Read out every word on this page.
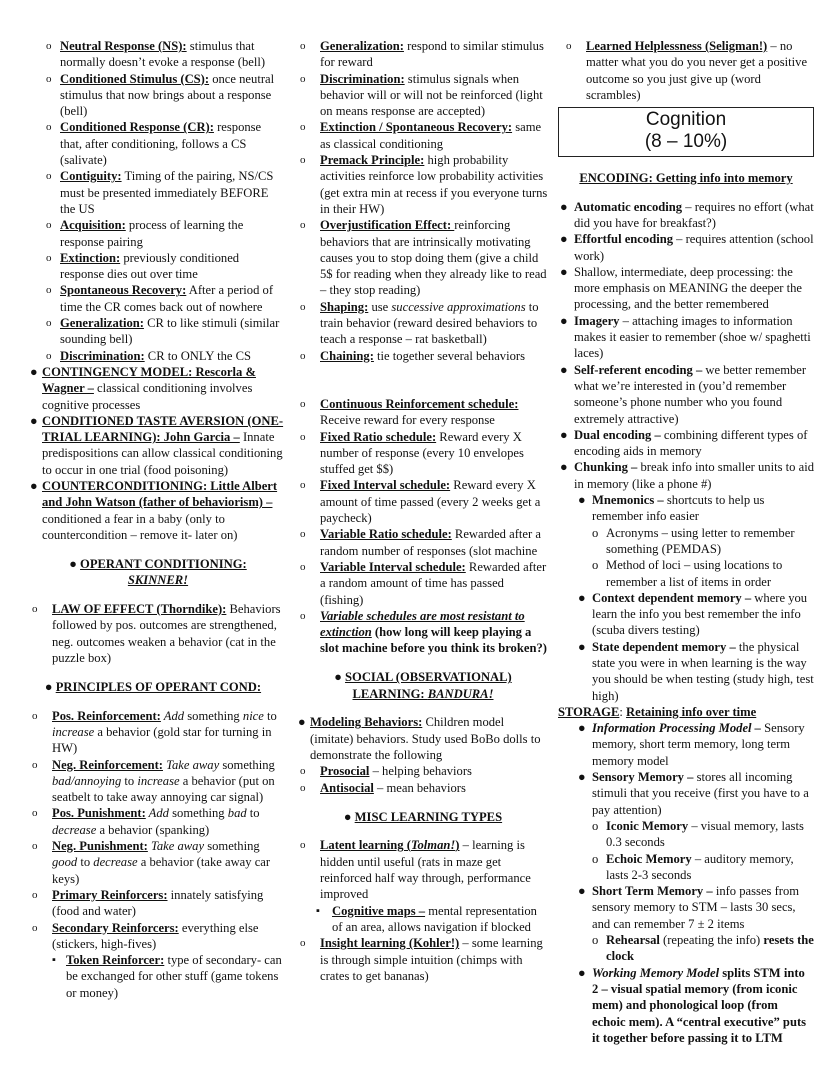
o Neutral Response (NS): stimulus that normally doesn’t evoke a response (bell)

o Conditioned Stimulus (CS): once neutral stimulus that now brings about a response (bell)

o Conditioned Response (CR): response that, after conditioning, follows a CS (salivate)

o Contiguity: Timing of the pairing, NS/CS must be presented immediately BEFORE the US

o Acquisition: process of learning the response pairing

o Extinction: previously conditioned response dies out over time

o Spontaneous Recovery: After a period of time the CR comes back out of nowhere

o Generalization: CR to like stimuli (similar sounding bell)

o Discrimination: CR to ONLY the CS

● CONTINGENCY MODEL: Rescorla & Wagner – classical conditioning involves cognitive processes

● CONDITIONED TASTE AVERSION (ONE-TRIAL LEARNING): John Garcia – Innate predispositions can allow classical conditioning to occur in one trial (food poisoning)

● COUNTERCONDITIONING: Little Albert and John Watson (father of behaviorism) – conditioned a fear in a baby (only to countercondition – remove it- later on)

● OPERANT CONDITIONING:
SKINNER!

o LAW OF EFFECT (Thorndike): Behaviors followed by pos. outcomes are strengthened, neg. outcomes weaken a behavior (cat in the puzzle box)

● PRINCIPLES OF OPERANT COND:

o Pos. Reinforcement: Add something nice to increase a behavior (gold star for turning in HW)

o Neg. Reinforcement: Take away something bad/annoying to increase a behavior (put on seatbelt to take away annoying car signal)

o Pos. Punishment: Add something bad to decrease a behavior (spanking)

o Neg. Punishment: Take away something good to decrease a behavior (take away car keys)

o Primary Reinforcers: innately satisfying (food and water)

o Secondary Reinforcers: everything else (stickers, high-fives)

▪ Token Reinforcer: type of secondary- can be exchanged for other stuff (game tokens or money)

o Generalization: respond to similar stimulus for reward

o Discrimination: stimulus signals when behavior will or will not be reinforced (light on means response are accepted)

o Extinction / Spontaneous Recovery: same as classical conditioning

o Premack Principle: high probability activities reinforce low probability activities (get extra min at recess if you everyone turns in their HW)

o Overjustification Effect: reinforcing behaviors that are intrinsically motivating causes you to stop doing them (give a child 5$ for reading when they already like to read – they stop reading)

o Shaping: use successive approximations to train behavior (reward desired behaviors to teach a response – rat basketball)

o Chaining: tie together several behaviors

o Continuous Reinforcement schedule: Receive reward for every response

o Fixed Ratio schedule: Reward every X number of response (every 10 envelopes stuffed get $$)

o Fixed Interval schedule: Reward every X amount of time passed (every 2 weeks get a paycheck)

o Variable Ratio schedule: Rewarded after a random number of responses (slot machine

o Variable Interval schedule: Rewarded after a random amount of time has passed (fishing)

o Variable schedules are most resistant to extinction (how long will keep playing a slot machine before you think its broken?)

● SOCIAL (OBSERVATIONAL) LEARNING: BANDURA!

● Modeling Behaviors: Children model (imitate) behaviors. Study used BoBo dolls to demonstrate the following

o Prosocial – helping behaviors

o Antisocial – mean behaviors

● MISC LEARNING TYPES

o Latent learning (Tolman!) – learning is hidden until useful (rats in maze get reinforced half way through, performance improved

▪ Cognitive maps – mental representation of an area, allows navigation if blocked

o Insight learning (Kohler!) – some learning is through simple intuition (chimps with crates to get bananas)

o Learned Helplessness (Seligman!) – no matter what you do you never get a positive outcome so you just give up (word scrambles)

Cognition
(8 – 10%)

ENCODING: Getting info into memory

● Automatic encoding – requires no effort (what did you have for breakfast?)

● Effortful encoding – requires attention (school work)

● Shallow, intermediate, deep processing: the more emphasis on MEANING the deeper the processing, and the better remembered

● Imagery – attaching images to information makes it easier to remember (shoe w/ spaghetti laces)

● Self-referent encoding – we better remember what we’re interested in (you’d remember someone’s phone number who you found extremely attractive)

● Dual encoding – combining different types of encoding aids in memory

● Chunking – break info into smaller units to aid in memory (like a phone #)

● Mnemonics – shortcuts to help us remember info easier

o Acronyms – using letter to remember something (PEMDAS)

o Method of loci – using locations to remember a list of items in order

● Context dependent memory – where you learn the info you best remember the info (scuba divers testing)

● State dependent memory – the physical state you were in when learning is the way you should be when testing (study high, test high)

STORAGE: Retaining info over time

● Information Processing Model – Sensory memory, short term memory, long term memory model

● Sensory Memory – stores all incoming stimuli that you receive (first you have to a pay attention)

o Iconic Memory – visual memory, lasts 0.3 seconds

o Echoic Memory – auditory memory, lasts 2-3 seconds

● Short Term Memory – info passes from sensory memory to STM – lasts 30 secs, and can remember 7 ± 2 items

o Rehearsal (repeating the info) resets the clock

● Working Memory Model splits STM into 2 – visual spatial memory (from iconic mem) and phonological loop (from echoic mem). A “central executive” puts it together before passing it to LTM
